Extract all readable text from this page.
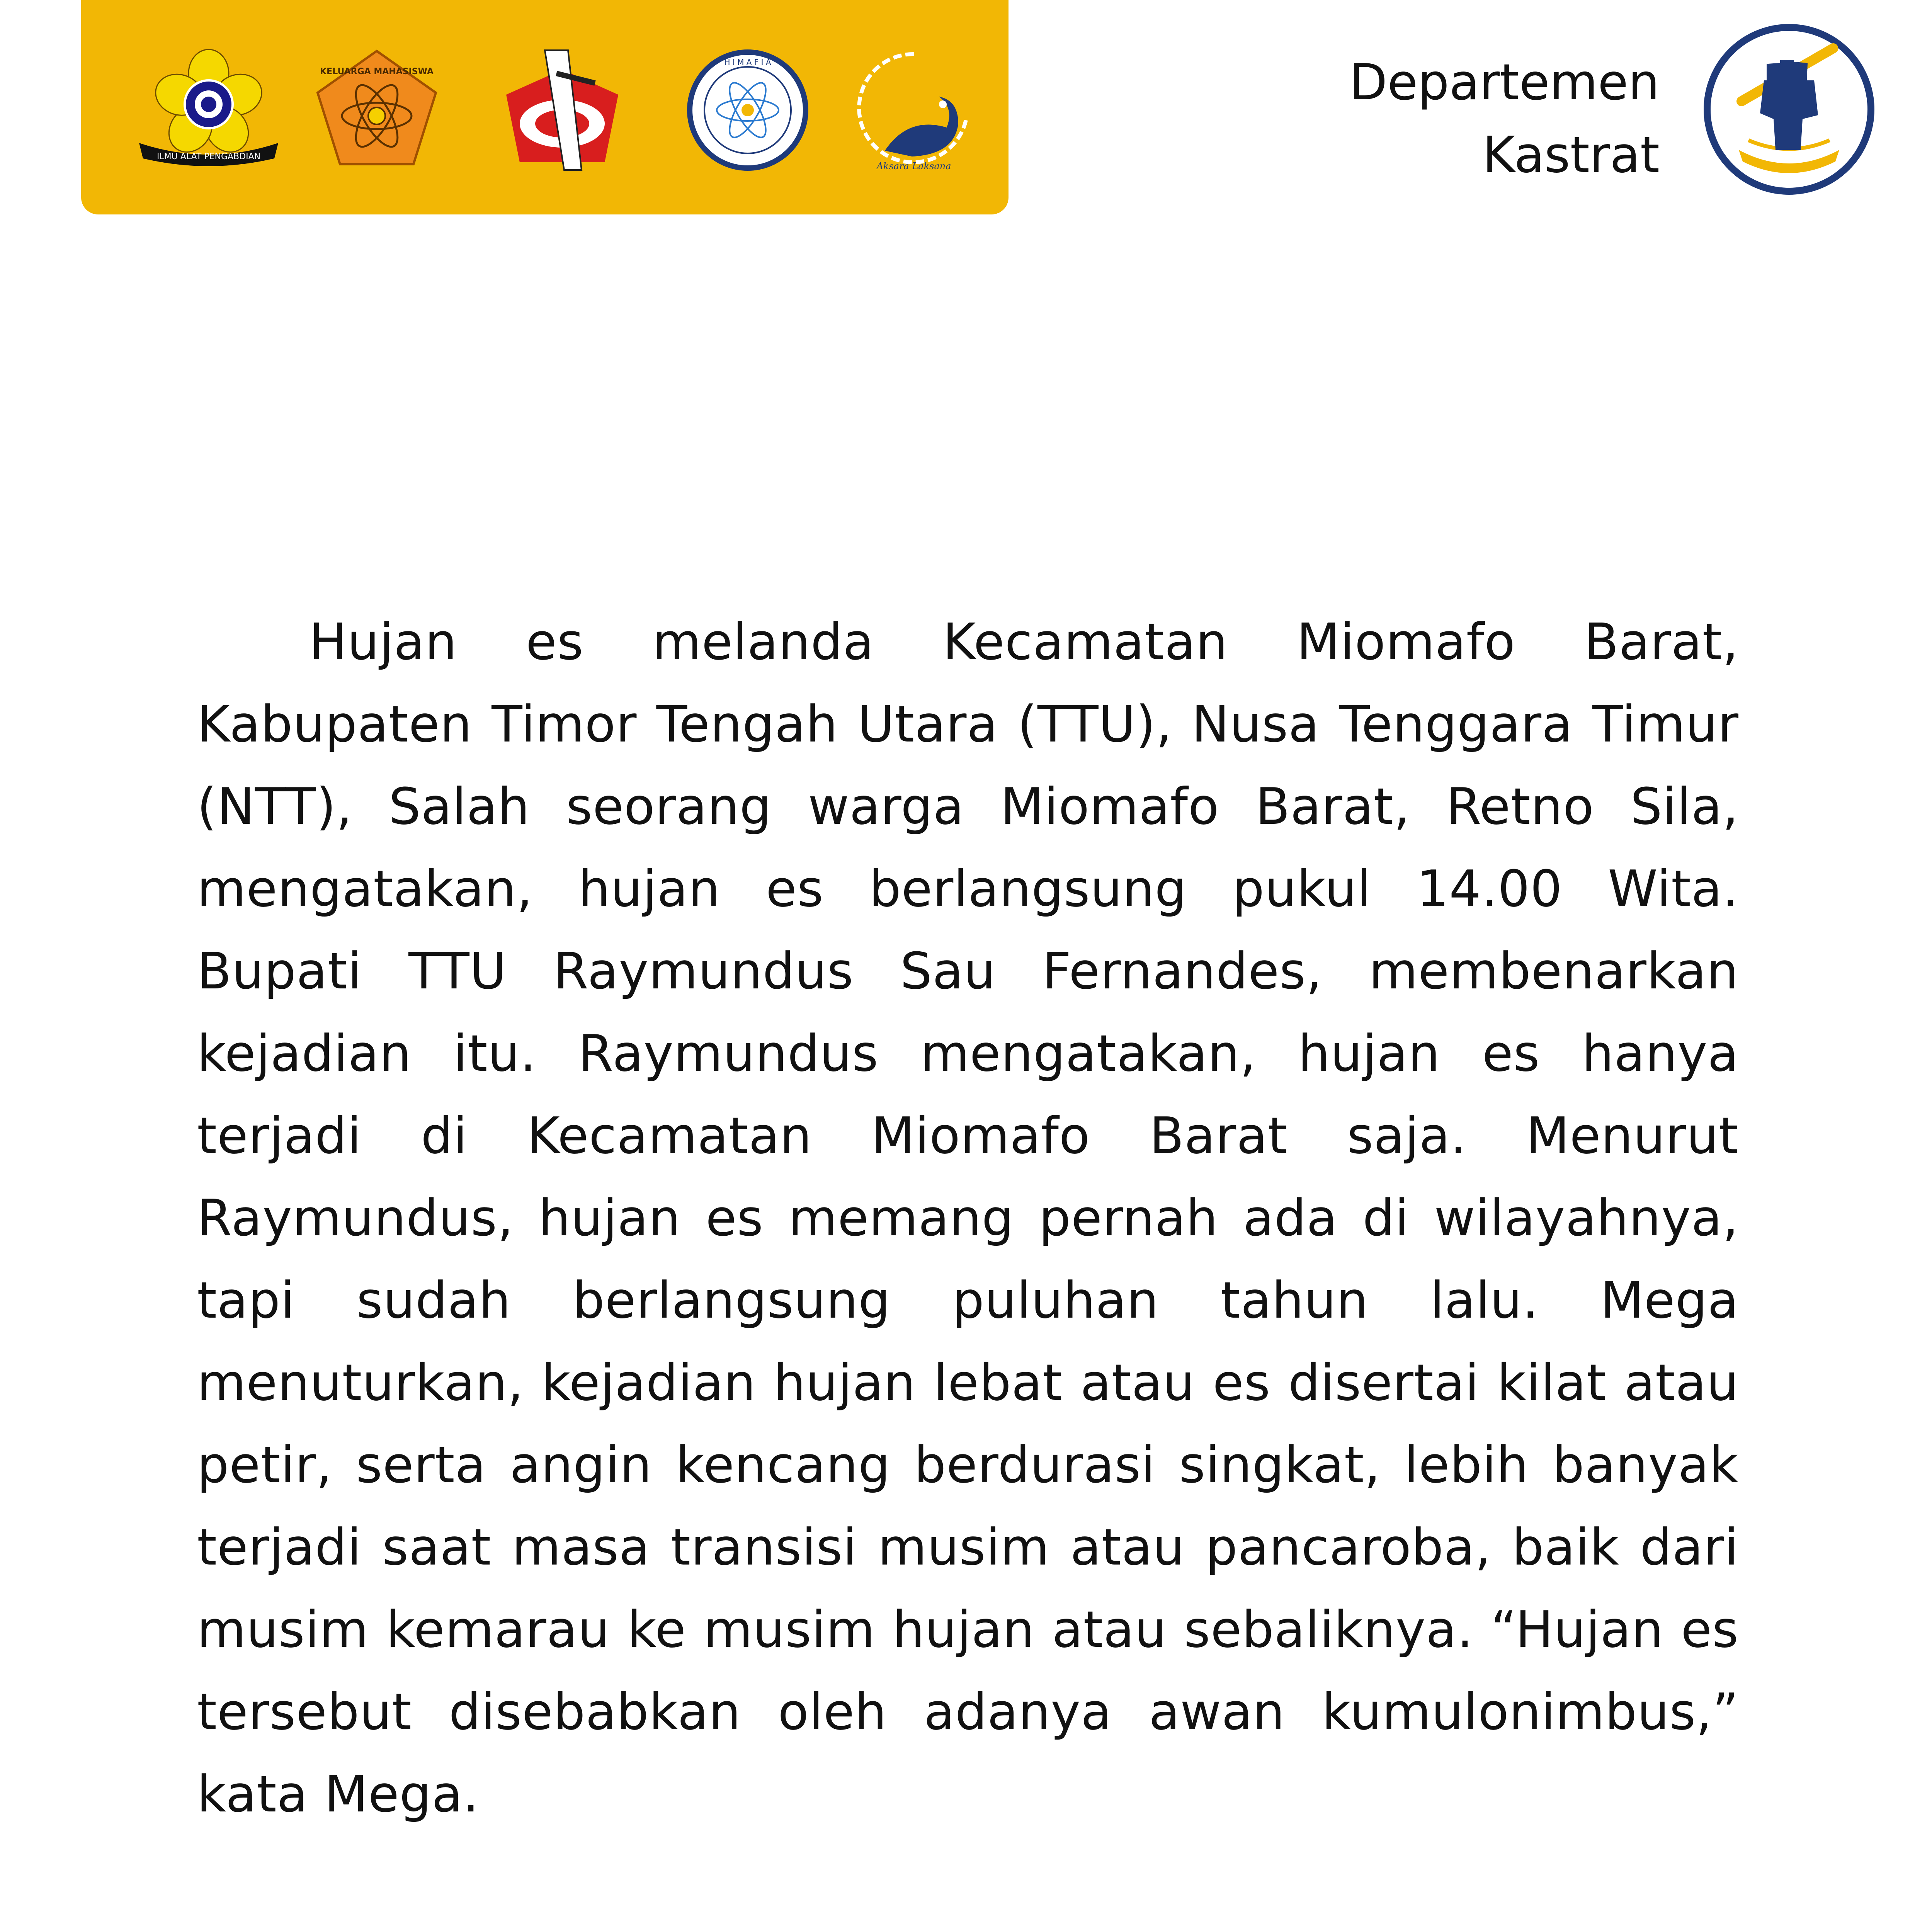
ILMU ALAT PENGABDIAN
KELUARGA MAHASISWA
H I M A F I A
Aksara Laksana
Departemen
Kastrat
Hujan es melanda Kecamatan Miomafo Barat, Kabupaten Timor Tengah Utara (TTU), Nusa Tenggara Timur (NTT), Salah seorang warga Miomafo Barat, Retno Sila, mengatakan, hujan es berlangsung pukul 14.00 Wita. Bupati TTU Raymundus Sau Fernandes, membenarkan kejadian itu. Raymundus mengatakan, hujan es hanya terjadi di Kecamatan Miomafo Barat saja. Menurut Raymundus, hujan es memang pernah ada di wilayahnya, tapi sudah berlangsung puluhan tahun lalu. Mega menuturkan, kejadian hujan lebat atau es disertai kilat atau petir, serta angin kencang berdurasi singkat, lebih banyak terjadi saat masa transisi musim atau pancaroba, baik dari musim kemarau ke musim hujan atau sebaliknya. “Hujan es tersebut disebabkan oleh adanya awan kumulonimbus,” kata Mega.
